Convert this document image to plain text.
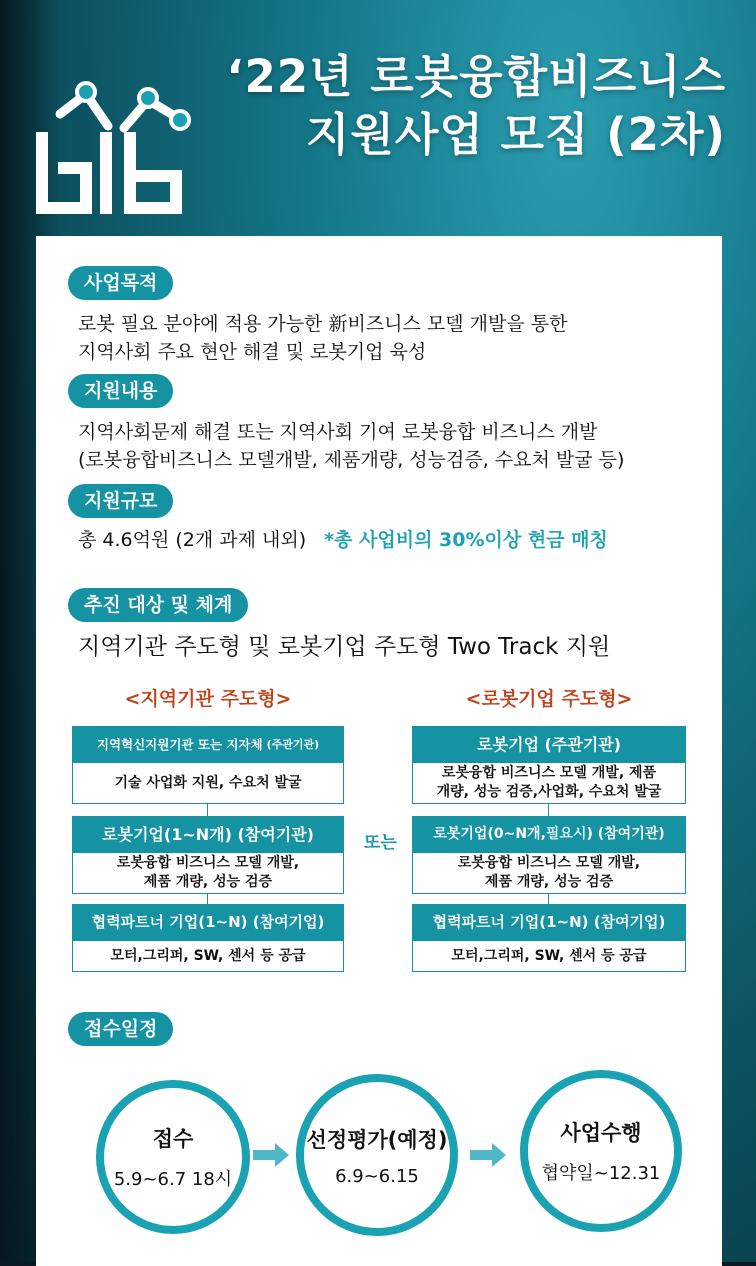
‘22년 로봇융합비즈니스
지원사업 모집 (2차)
사업목적
로봇 필요 분야에 적용 가능한 新비즈니스 모델 개발을 통한
지역사회 주요 현안 해결 및 로봇기업 육성
지원내용
지역사회문제 해결 또는 지역사회 기여 로봇융합 비즈니스 개발
(로봇융합비즈니스 모델개발, 제품개량, 성능검증, 수요처 발굴 등)
지원규모
총 4.6억원 (2개 과제 내외) *총 사업비의 30%이상 현금 매칭
추진 대상 및 체계
지역기관 주도형 및 로봇기업 주도형 Two Track 지원
<지역기관 주도형>	<로봇기업 주도형>
지역혁신지원기관 또는 지자체 (주관기관)
기술 사업화 지원, 수요처 발굴
로봇기업(1~N개) (참여기관)
로봇융합 비즈니스 모델 개발,
제품 개량, 성능 검증
협력파트너 기업(1~N) (참여기업)
모터,그리퍼, SW, 센서 등 공급
또는
로봇기업 (주관기관)
로봇융합 비즈니스 모델 개발, 제품
개량, 성능 검증,사업화, 수요처 발굴
로봇기업(0~N개, 필요시 ) (참여기관)
로봇융합 비즈니스 모델 개발,
제품 개량, 성능 검증
협력파트너 기업(1~N) (참여기업)
모터,그리퍼, SW, 센서 등 공급
접수일정
접수
5.9~6.7 18시
선정평가(예정)
6.9~6.15
사업수행
협약일~12.31
